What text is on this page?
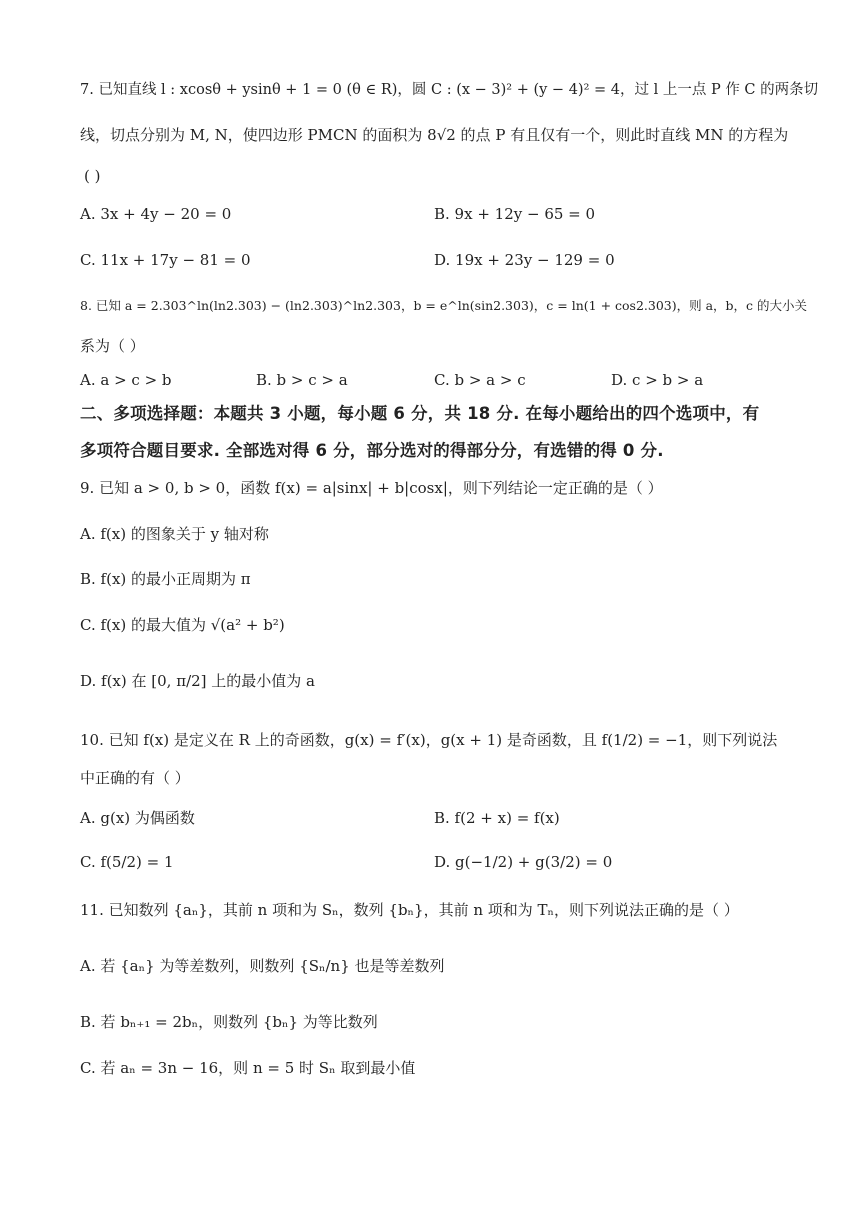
7. 已知直线 l : xcosθ + ysinθ + 1 = 0 (θ ∈ R)，圆 C : (x − 3)² + (y − 4)² = 4，过 l 上一点 P 作 C 的两条切
线，切点分别为 M, N，使四边形 PMCN 的面积为 8√2 的点 P 有且仅有一个，则此时直线 MN 的方程为
( )
A. 3x + 4y − 20 = 0	B. 9x + 12y − 65 = 0
C. 11x + 17y − 81 = 0	D. 19x + 23y − 129 = 0
8. 已知 a = 2.303^ln(ln2.303) − (ln2.303)^ln2.303，b = e^ln(sin2.303)，c = ln(1 + cos2.303)，则 a，b，c 的大小关
系为（ ）
A. a > c > b	B. b > c > a	C. b > a > c	D. c > b > a
二、多项选择题：本题共 3 小题，每小题 6 分，共 18 分. 在每小题给出的四个选项中，有
多项符合题目要求. 全部选对得 6 分，部分选对的得部分分，有选错的得 0 分.
9. 已知 a > 0, b > 0，函数 f(x) = a|sinx| + b|cosx|，则下列结论一定正确的是（ ）
A. f(x) 的图象关于 y 轴对称
B. f(x) 的最小正周期为 π
C. f(x) 的最大值为 √(a² + b²)
D. f(x) 在 [0, π/2] 上的最小值为 a
10. 已知 f(x) 是定义在 R 上的奇函数，g(x) = f′(x)，g(x + 1) 是奇函数，且 f(1/2) = −1，则下列说法
中正确的有（ ）
A. g(x) 为偶函数	B. f(2 + x) = f(x)
C. f(5/2) = 1	D. g(−1/2) + g(3/2) = 0
11. 已知数列 {aₙ}，其前 n 项和为 Sₙ，数列 {bₙ}，其前 n 项和为 Tₙ，则下列说法正确的是（ ）
A. 若 {aₙ} 为等差数列，则数列 {Sₙ/n} 也是等差数列
B. 若 bₙ₊₁ = 2bₙ，则数列 {bₙ} 为等比数列
C. 若 aₙ = 3n − 16，则 n = 5 时 Sₙ 取到最小值
